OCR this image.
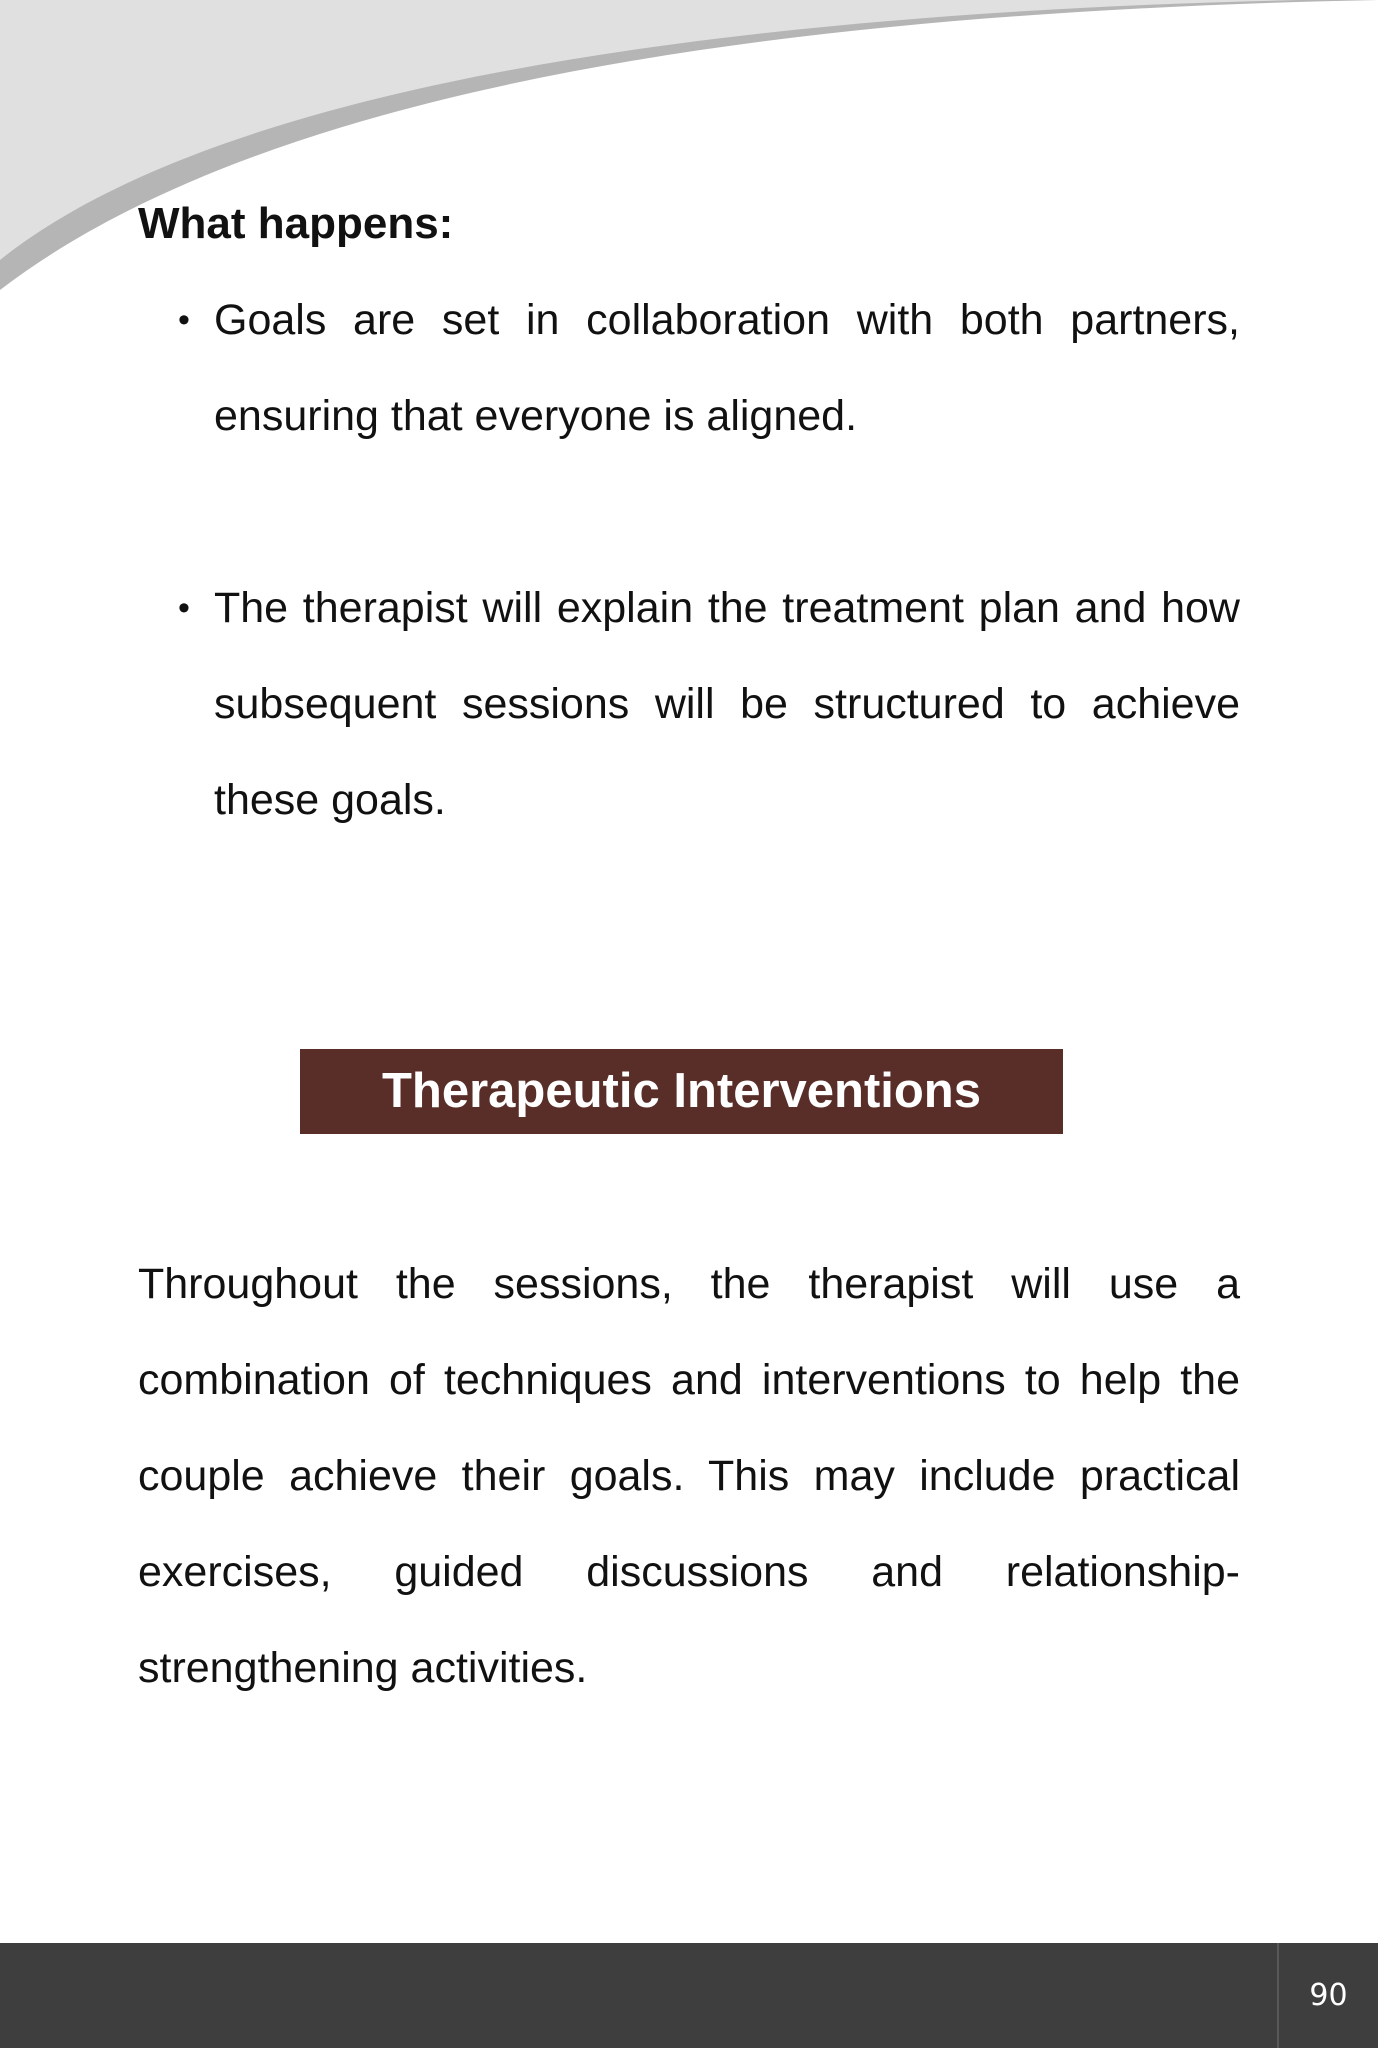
What happens:
• Goals are set in collaboration with both partners, ensuring that everyone is aligned.
• The therapist will explain the treatment plan and how subsequent sessions will be structured to achieve these goals.
Therapeutic Interventions

Throughout the sessions, the therapist will use a combination of techniques and interventions to help the couple achieve their goals. This may include practical exercises, guided discussions and relationship-strengthening activities.

90
